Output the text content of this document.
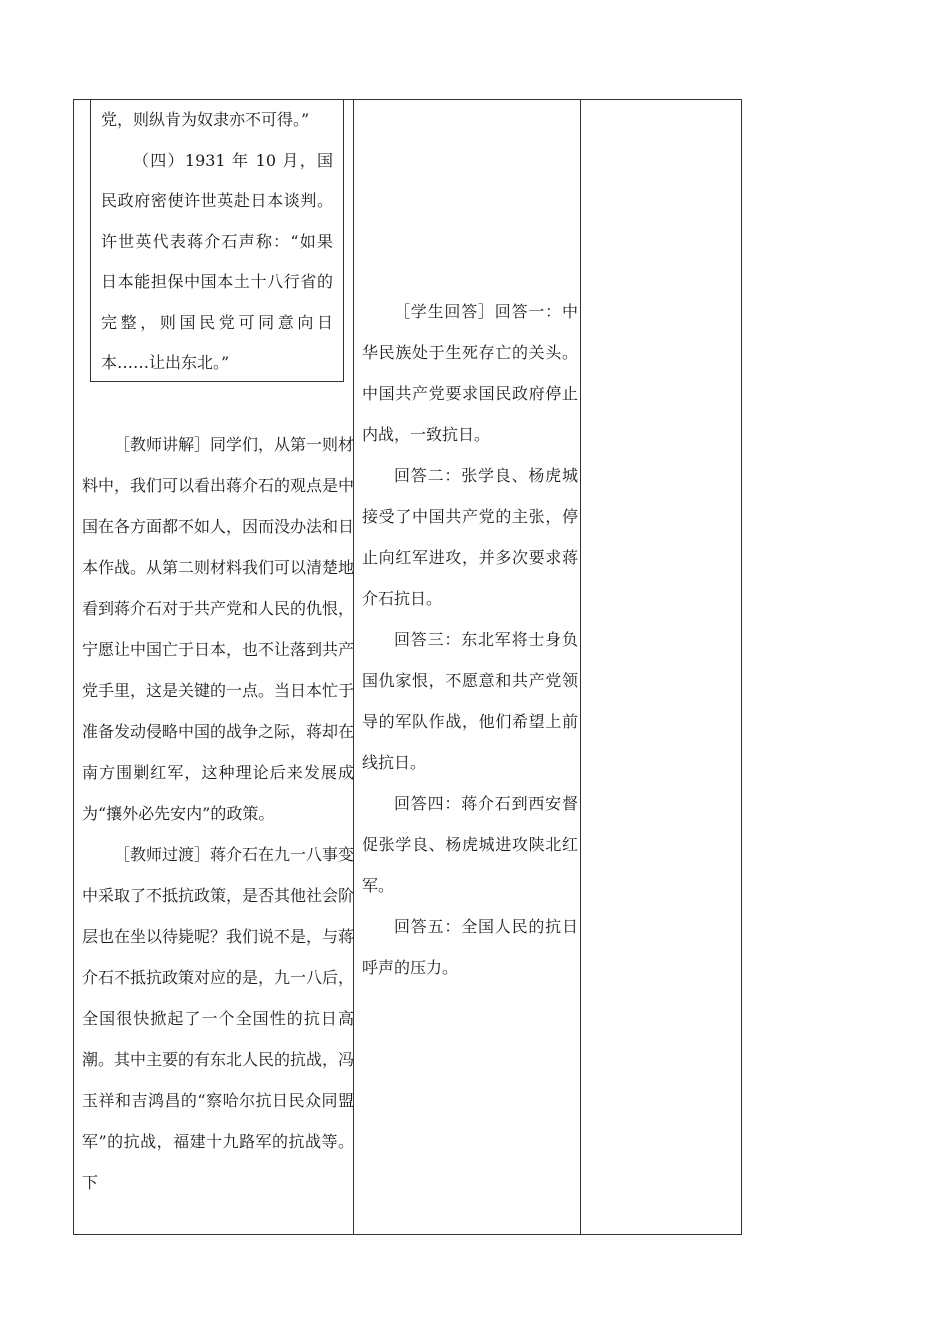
党，则纵肯为奴隶亦不可得。”

（四）1931 年 10 月，国民政府密使许世英赴日本谈判。许世英代表蒋介石声称：“如果日本能担保中国本土十八行省的完整，则国民党可同意向日本……让出东北。”

［教师讲解］同学们，从第一则材料中，我们可以看出蒋介石的观点是中国在各方面都不如人，因而没办法和日本作战。从第二则材料我们可以清楚地看到蒋介石对于共产党和人民的仇恨，宁愿让中国亡于日本，也不让落到共产党手里，这是关键的一点。当日本忙于准备发动侵略中国的战争之际，蒋却在南方围剿红军，这种理论后来发展成为“攘外必先安内”的政策。

［教师过渡］蒋介石在九一八事变中采取了不抵抗政策，是否其他社会阶层也在坐以待毙呢？我们说不是，与蒋介石不抵抗政策对应的是，九一八后，全国很快掀起了一个全国性的抗日高潮。其中主要的有东北人民的抗战，冯玉祥和吉鸿昌的“察哈尔抗日民众同盟军”的抗战，福建十九路军的抗战等。下

［学生回答］回答一：中华民族处于生死存亡的关头。中国共产党要求国民政府停止内战，一致抗日。

回答二：张学良、杨虎城接受了中国共产党的主张，停止向红军进攻，并多次要求蒋介石抗日。

回答三：东北军将士身负国仇家恨，不愿意和共产党领导的军队作战，他们希望上前线抗日。

回答四：蒋介石到西安督促张学良、杨虎城进攻陕北红军。

回答五：全国人民的抗日呼声的压力。
